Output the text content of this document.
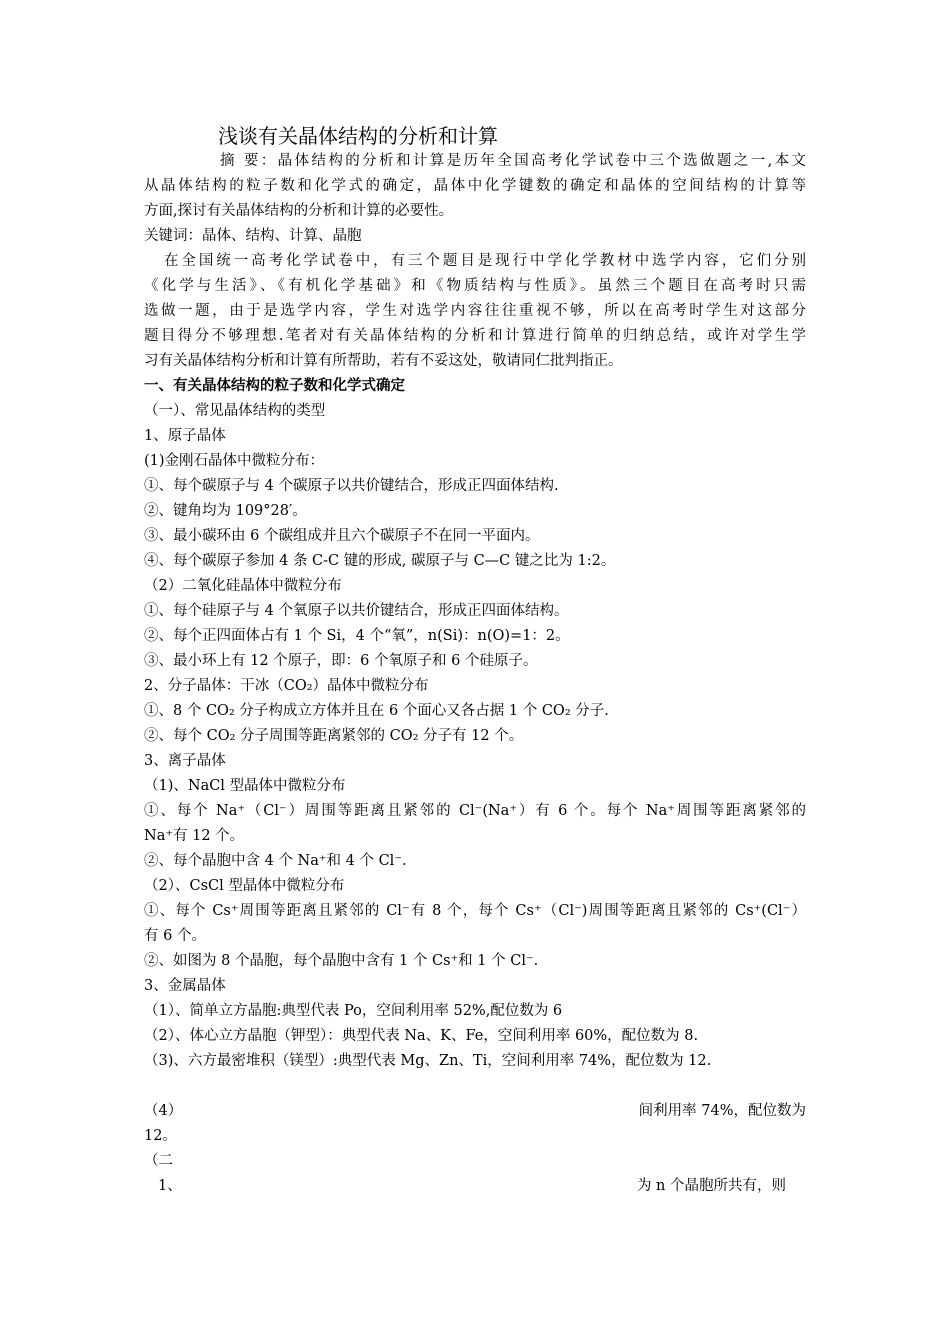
浅谈有关晶体结构的分析和计算
摘 要：晶体结构的分析和计算是历年全国高考化学试卷中三个选做题之一,本文
从晶体结构的粒子数和化学式的确定，晶体中化学键数的确定和晶体的空间结构的计算等
方面,探讨有关晶体结构的分析和计算的必要性。
关键词：晶体、结构、计算、晶胞
在全国统一高考化学试卷中，有三个题目是现行中学化学教材中选学内容，它们分别
《化学与生活》、《有机化学基础》和《物质结构与性质》。虽然三个题目在高考时只需
选做一题，由于是选学内容，学生对选学内容往往重视不够，所以在高考时学生对这部分
题目得分不够理想.笔者对有关晶体结构的分析和计算进行简单的归纳总结，或许对学生学
习有关晶体结构分析和计算有所帮助，若有不妥这处，敬请同仁批判指正。
一、有关晶体结构的粒子数和化学式确定
（一）、常见晶体结构的类型
1、原子晶体
(1)金刚石晶体中微粒分布：
①、每个碳原子与 4 个碳原子以共价键结合，形成正四面体结构.
②、键角均为 109°28′。
③、最小碳环由 6 个碳组成并且六个碳原子不在同一平面内。
④、每个碳原子参加 4 条 C-C 键的形成, 碳原子与 C—C 键之比为 1:2。
（2）二氧化硅晶体中微粒分布
①、每个硅原子与 4 个氧原子以共价键结合，形成正四面体结构。
②、每个正四面体占有 1 个 Si，4 个“氧”，n(Si)：n(O)=1：2。
③、最小环上有 12 个原子，即：6 个氧原子和 6 个硅原子。
2、分子晶体：干冰（CO₂）晶体中微粒分布
①、8 个 CO₂ 分子构成立方体并且在 6 个面心又各占据 1 个 CO₂ 分子.
②、每个 CO₂ 分子周围等距离紧邻的 CO₂ 分子有 12 个。
3、离子晶体
（1)、NaCl 型晶体中微粒分布
①、每个 Na⁺（Cl⁻）周围等距离且紧邻的 Cl⁻(Na⁺）有 6 个。每个 Na⁺周围等距离紧邻的
Na⁺有 12 个。
②、每个晶胞中含 4 个 Na⁺和 4 个 Cl⁻.
（2）、CsCl 型晶体中微粒分布
①、每个 Cs⁺周围等距离且紧邻的 Cl⁻有 8 个，每个 Cs⁺（Cl⁻)周围等距离且紧邻的 Cs⁺(Cl⁻）
有 6 个。
②、如图为 8 个晶胞，每个晶胞中含有 1 个 Cs⁺和 1 个 Cl⁻.
3、金属晶体
（1）、简单立方晶胞:典型代表 Po，空间利用率 52%,配位数为 6
（2）、体心立方晶胞（钾型）：典型代表 Na、K、Fe，空间利用率 60%，配位数为 8.
（3)、六方最密堆积（镁型）:典型代表 Mg、Zn、Ti，空间利用率 74%，配位数为 12.
（4）	间利用率 74%，配位数为
12。
（二
1、	为 n 个晶胞所共有，则
